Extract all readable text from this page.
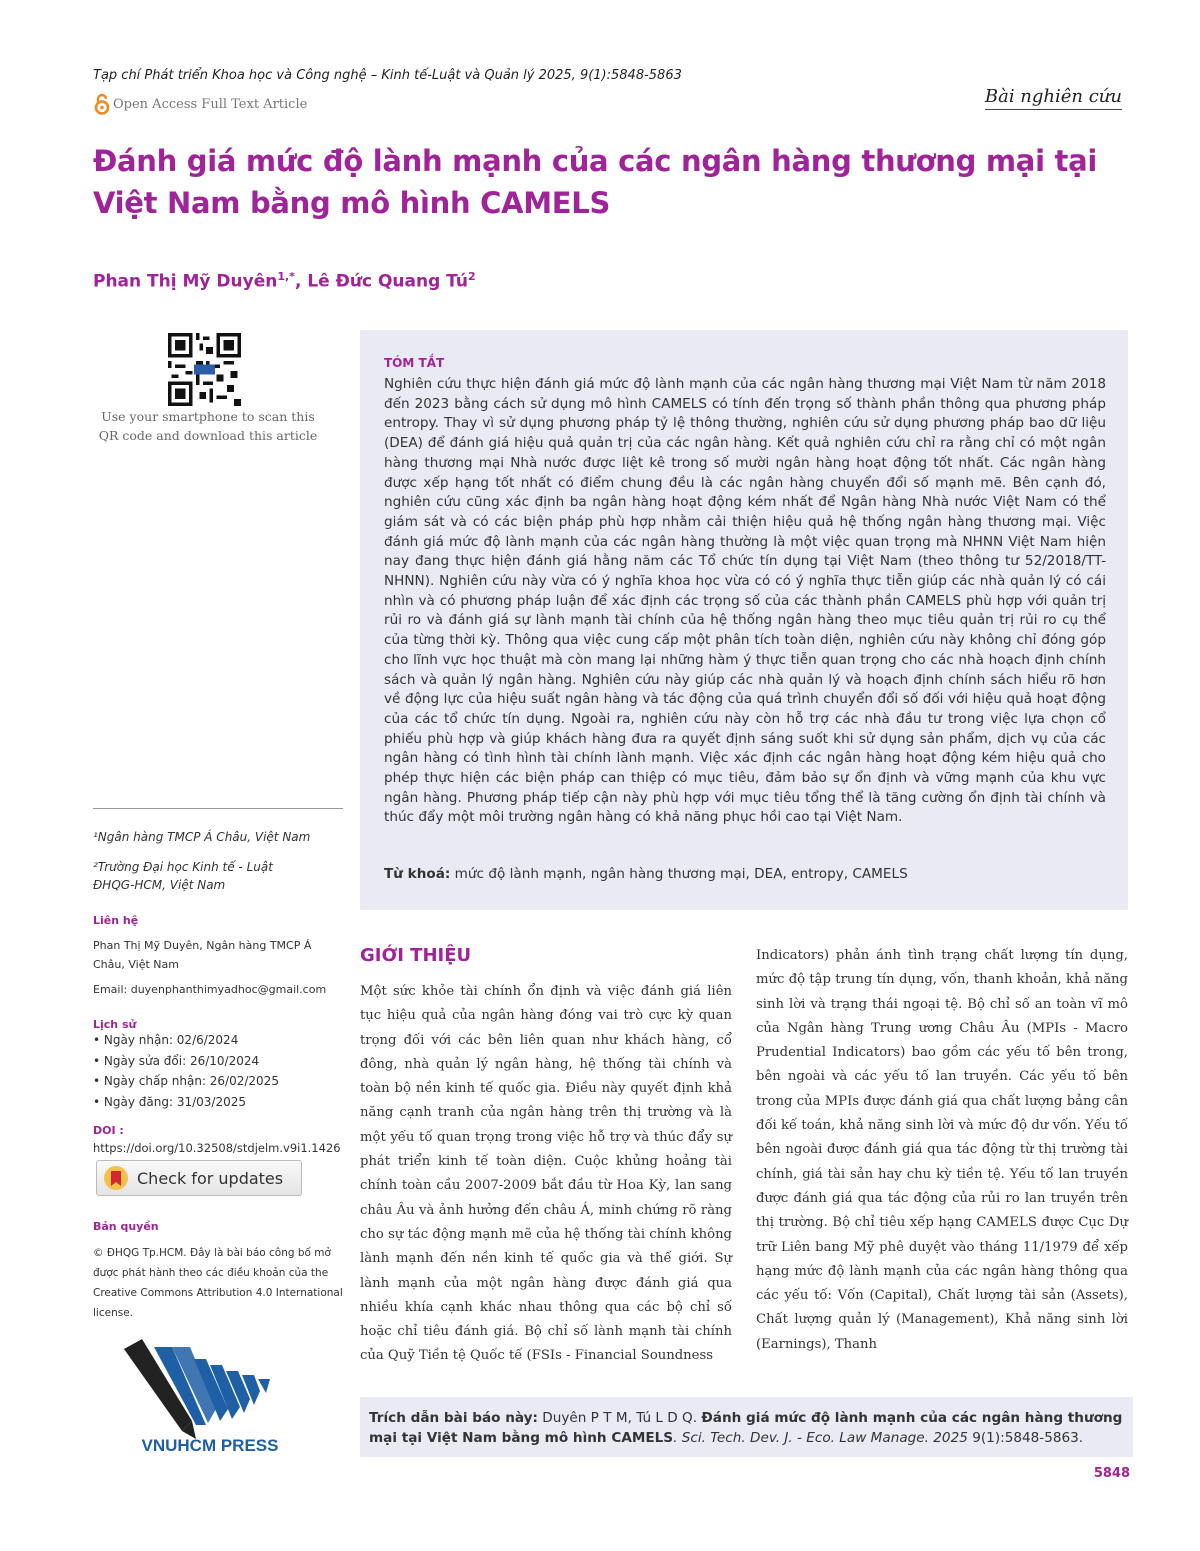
Tạp chí Phát triển Khoa học và Công nghệ – Kinh tế-Luật và Quản lý 2025, 9(1):5848-5863
Open Access Full Text Article	Bài nghiên cứu
Đánh giá mức độ lành mạnh của các ngân hàng thương mại tại Việt Nam bằng mô hình CAMELS
Phan Thị Mỹ Duyên$^{1,*}$, Lê Đức Quang $Tú^2$
Use your smartphone to scan this QR code and download this article
¹Ngân hàng TMCP Á Châu, Việt Nam
²Trường Đại học Kinh tế - Luật ĐHQG-HCM, Việt Nam
Liên hệ
Phan Thị Mỹ Duyên, Ngân hàng TMCP Á Châu, Việt Nam
Email: duyenphanthimyadhoc@gmail.com
Lịch sử
• Ngày nhận: 02/6/2024
• Ngày sửa đổi: 26/10/2024
• Ngày chấp nhận: 26/02/2025
• Ngày đăng: 31/03/2025
DOI :
https://doi.org/10.32508/stdjelm.v9i1.1426
Check for updates
Bản quyền
© ĐHQG Tp.HCM. Đây là bài báo công bố mở được phát hành theo các điều khoản của the Creative Commons Attribution 4.0 International license.
VNUHCM PRESS
TÓM TẮT
Nghiên cứu thực hiện đánh giá mức độ lành mạnh của các ngân hàng thương mại Việt Nam từ năm 2018 đến 2023 bằng cách sử dụng mô hình CAMELS có tính đến trọng số thành phần thông qua phương pháp entropy. Thay vì sử dụng phương pháp tỷ lệ thông thường, nghiên cứu sử dụng phương pháp bao dữ liệu (DEA) để đánh giá hiệu quả quản trị của các ngân hàng. Kết quả nghiên cứu chỉ ra rằng chỉ có một ngân hàng thương mại Nhà nước được liệt kê trong số mười ngân hàng hoạt động tốt nhất. Các ngân hàng được xếp hạng tốt nhất có điểm chung đều là các ngân hàng chuyển đổi số mạnh mẽ. Bên cạnh đó, nghiên cứu cũng xác định ba ngân hàng hoạt động kém nhất để Ngân hàng Nhà nước Việt Nam có thể giám sát và có các biện pháp phù hợp nhằm cải thiện hiệu quả hệ thống ngân hàng thương mại. Việc đánh giá mức độ lành mạnh của các ngân hàng thường là một việc quan trọng mà NHNN Việt Nam hiện nay đang thực hiện đánh giá hằng năm các Tổ chức tín dụng tại Việt Nam (theo thông tư 52/2018/TT-NHNN). Nghiên cứu này vừa có ý nghĩa khoa học vừa có có ý nghĩa thực tiễn giúp các nhà quản lý có cái nhìn và có phương pháp luận để xác định các trọng số của các thành phần CAMELS phù hợp với quản trị rủi ro và đánh giá sự lành mạnh tài chính của hệ thống ngân hàng theo mục tiêu quản trị rủi ro cụ thể của từng thời kỳ. Thông qua việc cung cấp một phân tích toàn diện, nghiên cứu này không chỉ đóng góp cho lĩnh vực học thuật mà còn mang lại những hàm ý thực tiễn quan trọng cho các nhà hoạch định chính sách và quản lý ngân hàng. Nghiên cứu này giúp các nhà quản lý và hoạch định chính sách hiểu rõ hơn về động lực của hiệu suất ngân hàng và tác động của quá trình chuyển đổi số đối với hiệu quả hoạt động của các tổ chức tín dụng. Ngoài ra, nghiên cứu này còn hỗ trợ các nhà đầu tư trong việc lựa chọn cổ phiếu phù hợp và giúp khách hàng đưa ra quyết định sáng suốt khi sử dụng sản phẩm, dịch vụ của các ngân hàng có tình hình tài chính lành mạnh. Việc xác định các ngân hàng hoạt động kém hiệu quả cho phép thực hiện các biện pháp can thiệp có mục tiêu, đảm bảo sự ổn định và vững mạnh của khu vực ngân hàng. Phương pháp tiếp cận này phù hợp với mục tiêu tổng thể là tăng cường ổn định tài chính và thúc đẩy một môi trường ngân hàng có khả năng phục hồi cao tại Việt Nam.
Từ khoá: mức độ lành mạnh, ngân hàng thương mại, DEA, entropy, CAMELS
GIỚI THIỆU
Một sức khỏe tài chính ổn định và việc đánh giá liên tục hiệu quả của ngân hàng đóng vai trò cực kỳ quan trọng đối với các bên liên quan như khách hàng, cổ đông, nhà quản lý ngân hàng, hệ thống tài chính và toàn bộ nền kinh tế quốc gia. Điều này quyết định khả năng cạnh tranh của ngân hàng trên thị trường và là một yếu tố quan trọng trong việc hỗ trợ và thúc đẩy sự phát triển kinh tế toàn diện. Cuộc khủng hoảng tài chính toàn cầu 2007-2009 bắt đầu từ Hoa Kỳ, lan sang châu Âu và ảnh hưởng đến châu Á, minh chứng rõ ràng cho sự tác động mạnh mẽ của hệ thống tài chính không lành mạnh đến nền kinh tế quốc gia và thế giới. Sự lành mạnh của một ngân hàng được đánh giá qua nhiều khía cạnh khác nhau thông qua các bộ chỉ số hoặc chỉ tiêu đánh giá. Bộ chỉ số lành mạnh tài chính của Quỹ Tiền tệ Quốc tế (FSIs - Financial Soundness
Indicators) phản ánh tình trạng chất lượng tín dụng, mức độ tập trung tín dụng, vốn, thanh khoản, khả năng sinh lời và trạng thái ngoại tệ. Bộ chỉ số an toàn vĩ mô của Ngân hàng Trung ương Châu Âu (MPIs - Macro Prudential Indicators) bao gồm các yếu tố bên trong, bên ngoài và các yếu tố lan truyền. Các yếu tố bên trong của MPIs được đánh giá qua chất lượng bảng cân đối kế toán, khả năng sinh lời và mức độ dư vốn. Yếu tố bên ngoài được đánh giá qua tác động từ thị trường tài chính, giá tài sản hay chu kỳ tiền tệ. Yếu tố lan truyền được đánh giá qua tác động của rủi ro lan truyền trên thị trường. Bộ chỉ tiêu xếp hạng CAMELS được Cục Dự trữ Liên bang Mỹ phê duyệt vào tháng 11/1979 để xếp hạng mức độ lành mạnh của các ngân hàng thông qua các yếu tố: Vốn (Capital), Chất lượng tài sản (Assets), Chất lượng quản lý (Management), Khả năng sinh lời (Earnings), Thanh
Trích dẫn bài báo này: Duyên P T M, Tú L D Q. Đánh giá mức độ lành mạnh của các ngân hàng thương mại tại Việt Nam bằng mô hình CAMELS. Sci. Tech. Dev. J. - Eco. Law Manage. 2025 9(1):5848-5863.
5848
